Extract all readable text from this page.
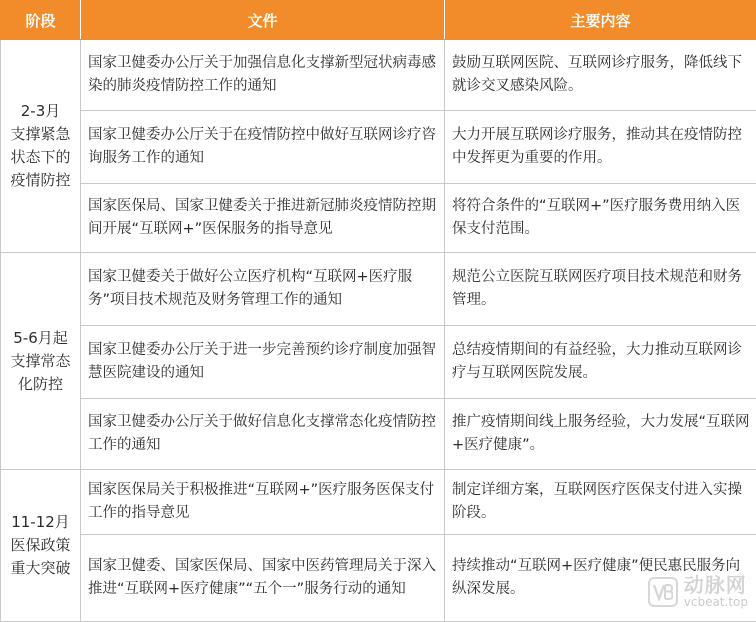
阶段	文件	主要内容
2-3月
支撑紧急
状态下的
疫情防控	国家卫健委办公厅关于加强信息化支撑新型冠状病毒感染的肺炎疫情防控工作的通知	鼓励互联网医院、互联网诊疗服务，降低线下就诊交叉感染风险。
	国家卫健委办公厅关于在疫情防控中做好互联网诊疗咨询服务工作的通知	大力开展互联网诊疗服务，推动其在疫情防控中发挥更为重要的作用。
	国家医保局、国家卫健委关于推进新冠肺炎疫情防控期间开展“互联网+”医保服务的指导意见	将符合条件的“互联网+”医疗服务费用纳入医保支付范围。
5-6月起
支撑常态
化防控	国家卫健委关于做好公立医疗机构“互联网+医疗服务”项目技术规范及财务管理工作的通知	规范公立医院互联网医疗项目技术规范和财务管理。
	国家卫健委办公厅关于进一步完善预约诊疗制度加强智慧医院建设的通知	总结疫情期间的有益经验，大力推动互联网诊疗与互联网医院发展。
	国家卫健委办公厅关于做好信息化支撑常态化疫情防控工作的通知	推广疫情期间线上服务经验，大力发展“互联网+医疗健康”。
11-12月
医保政策
重大突破	国家医保局关于积极推进“互联网+”医疗服务医保支付工作的指导意见	制定详细方案，互联网医疗医保支付进入实操阶段。
	国家卫健委、国家医保局、国家中医药管理局关于深入推进“互联网+医疗健康”“五个一”服务行动的通知	持续推动“互联网+医疗健康”便民惠民服务向纵深发展。	动脉网
vcbeat.top
